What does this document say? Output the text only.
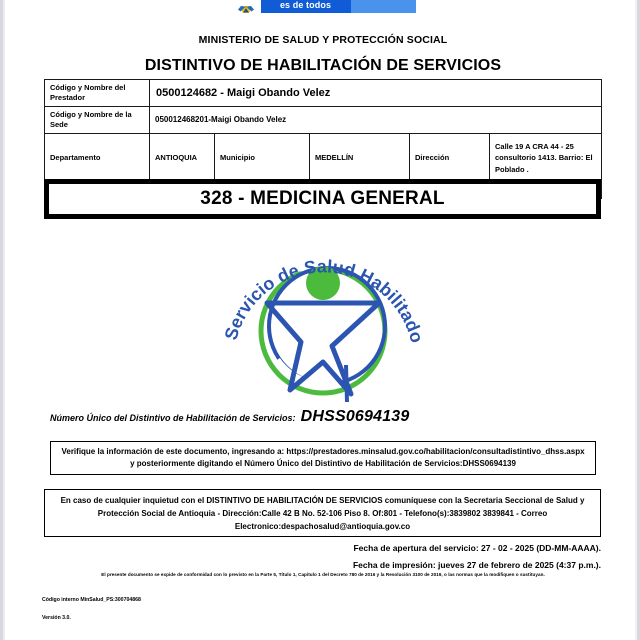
es de todos
MINISTERIO DE SALUD Y PROTECCIÓN SOCIAL
DISTINTIVO DE HABILITACIÓN DE SERVICIOS
Código y Nombre del Prestador	0500124682 - Maigi Obando Velez				
Código y Nombre de la Sede	050012468201-Maigi Obando Velez				
Departamento	ANTIOQUIA	Municipio	MEDELLÍN	Dirección	Calle 19 A CRA 44 - 25 consultorio 1413. Barrio: El Poblado .

328 - MEDICINA GENERAL
Servicio de Salud Habilitado
Número Único del Distintivo de Habilitación de Servicios: DHSS0694139
Verifique la información de este documento, ingresando a: https://prestadores.minsalud.gov.co/habilitacion/consultadistintivo_dhss.aspx
y posteriormente digitando el Número Único del Distintivo de Habilitación de Servicios:DHSS0694139
En caso de cualquier inquietud con el DISTINTIVO DE HABILITACIÓN DE SERVICIOS comuníquese con la Secretaria Seccional de Salud y
Protección Social de Antioquia - Dirección:Calle 42 B No. 52-106 Piso 8. Of:801 - Telefono(s):3839802 3839841 - Correo
Electronico:despachosalud@antioquia.gov.co
Fecha de apertura del servicio: 27 - 02 - 2025 (DD-MM-AAAA).
Fecha de impresión: jueves 27 de febrero de 2025 (4:37 p.m.).
El presente documento se expide de conformidad con lo previsto en la Parte 5, Título 1, Capítulo 1 del Decreto 780 de 2016 y la Resolución 3100 de 2019, o las normas que la modifiquen o sustituyan.
Código interno MinSalud_PS:300704868
Versión 3.0.
